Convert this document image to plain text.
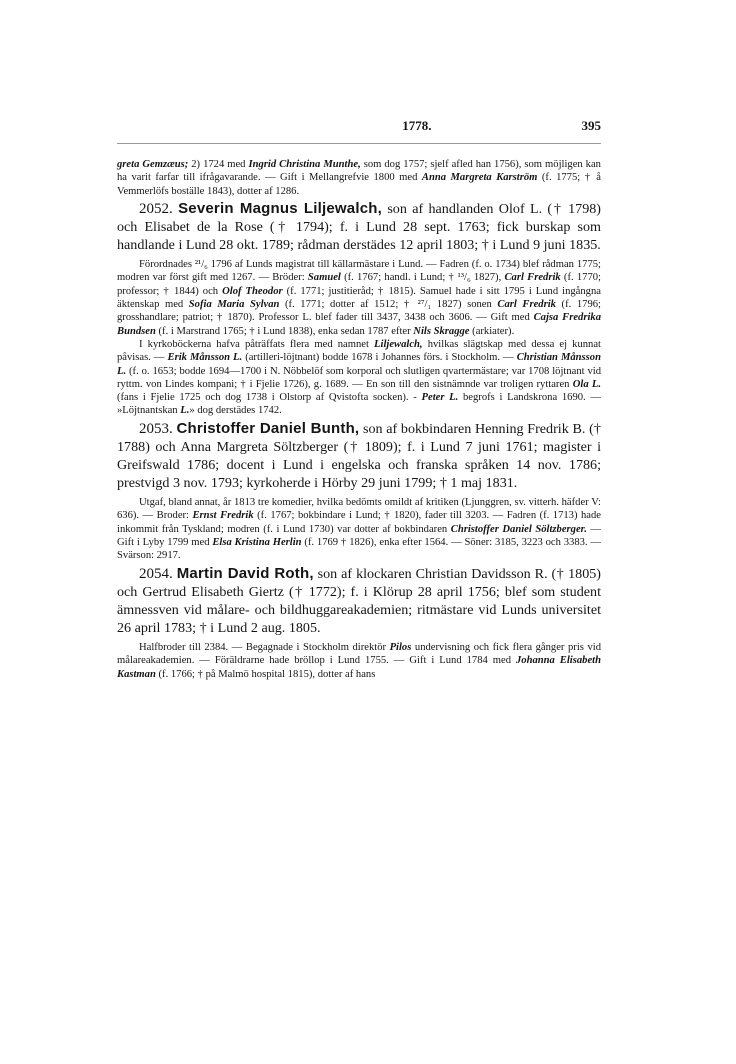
1778.	395

greta Gemzæus; 2) 1724 med Ingrid Christina Munthe, som dog 1757; sjelf afled han 1756), som möjligen kan ha varit farfar till ifrågavarande. — Gift i Mellangrefvie 1800 med Anna Margreta Karström (f. 1775; † å Vemmerlöfs boställe 1843), dotter af 1286.

2052. Severin Magnus Liljewalch, son af handlanden Olof L. († 1798) och Elisabet de la Rose († 1794); f. i Lund 28 sept. 1763; fick burskap som handlande i Lund 28 okt. 1789; rådman derstädes 12 april 1803; † i Lund 9 juni 1835.

Förordnades ²¹/₆ 1796 af Lunds magistrat till källarmästare i Lund. — Fadren (f. o. 1734) blef rådman 1775; modren var först gift med 1267. — Bröder: Samuel (f. 1767; handl. i Lund; † ¹³/₆ 1827), Carl Fredrik (f. 1770; professor; † 1844) och Olof Theodor (f. 1771; justitieråd; † 1815). Samuel hade i sitt 1795 i Lund ingångna äktenskap med Sofia Maria Sylvan (f. 1771; dotter af 1512; † ²⁷/₁ 1827) sonen Carl Fredrik (f. 1796; grosshandlare; patriot; † 1870). Professor L. blef fader till 3437, 3438 och 3606. — Gift med Cajsa Fredrika Bundsen (f. i Marstrand 1765; † i Lund 1838), enka sedan 1787 efter Nils Skragge (arkiater).

I kyrkoböckerna hafva påträffats flera med namnet Liljewalch, hvilkas slägtskap med dessa ej kunnat påvisas. — Erik Månsson L. (artilleri-löjtnant) bodde 1678 i Johannes förs. i Stockholm. — Christian Månsson L. (f. o. 1653; bodde 1694—1700 i N. Nöbbelöf som korporal och slutligen qvartermästare; var 1708 löjtnant vid ryttm. von Lindes kompani; † i Fjelie 1726), g. 1689. — En son till den sistnämnde var troligen ryttaren Ola L. (fans i Fjelie 1725 och dog 1738 i Olstorp af Qvistofta socken). - Peter L. begrofs i Landskrona 1690. — »Löjtnantskan L.» dog derstädes 1742.

2053. Christoffer Daniel Bunth, son af bokbindaren Henning Fredrik B. († 1788) och Anna Margreta Söltzberger († 1809); f. i Lund 7 juni 1761; magister i Greifswald 1786; docent i Lund i engelska och franska språken 14 nov. 1786; prestvigd 3 nov. 1793; kyrkoherde i Hörby 29 juni 1799; † 1 maj 1831.

Utgaf, bland annat, år 1813 tre komedier, hvilka bedömts omildt af kritiken (Ljunggren, sv. vitterh. häfder V: 636). — Broder: Ernst Fredrik (f. 1767; bokbindare i Lund; † 1820), fader till 3203. — Fadren (f. 1713) hade inkommit från Tyskland; modren (f. i Lund 1730) var dotter af bokbindaren Christoffer Daniel Söltzberger. — Gift i Lyby 1799 med Elsa Kristina Herlin (f. 1769 † 1826), enka efter 1564. — Söner: 3185, 3223 och 3383. — Svärson: 2917.

2054. Martin David Roth, son af klockaren Christian Davidsson R. († 1805) och Gertrud Elisabeth Giertz († 1772); f. i Klörup 28 april 1756; blef som student ämnessven vid målare- och bildhuggareakademien; ritmästare vid Lunds universitet 26 april 1783; † i Lund 2 aug. 1805.

Halfbroder till 2384. — Begagnade i Stockholm direktör Pilos undervisning och fick flera gånger pris vid målareakademien. — Föräldrarne hade bröllop i Lund 1755. — Gift i Lund 1784 med Johanna Elisabeth Kastman (f. 1766; † på Malmö hospital 1815), dotter af hans
